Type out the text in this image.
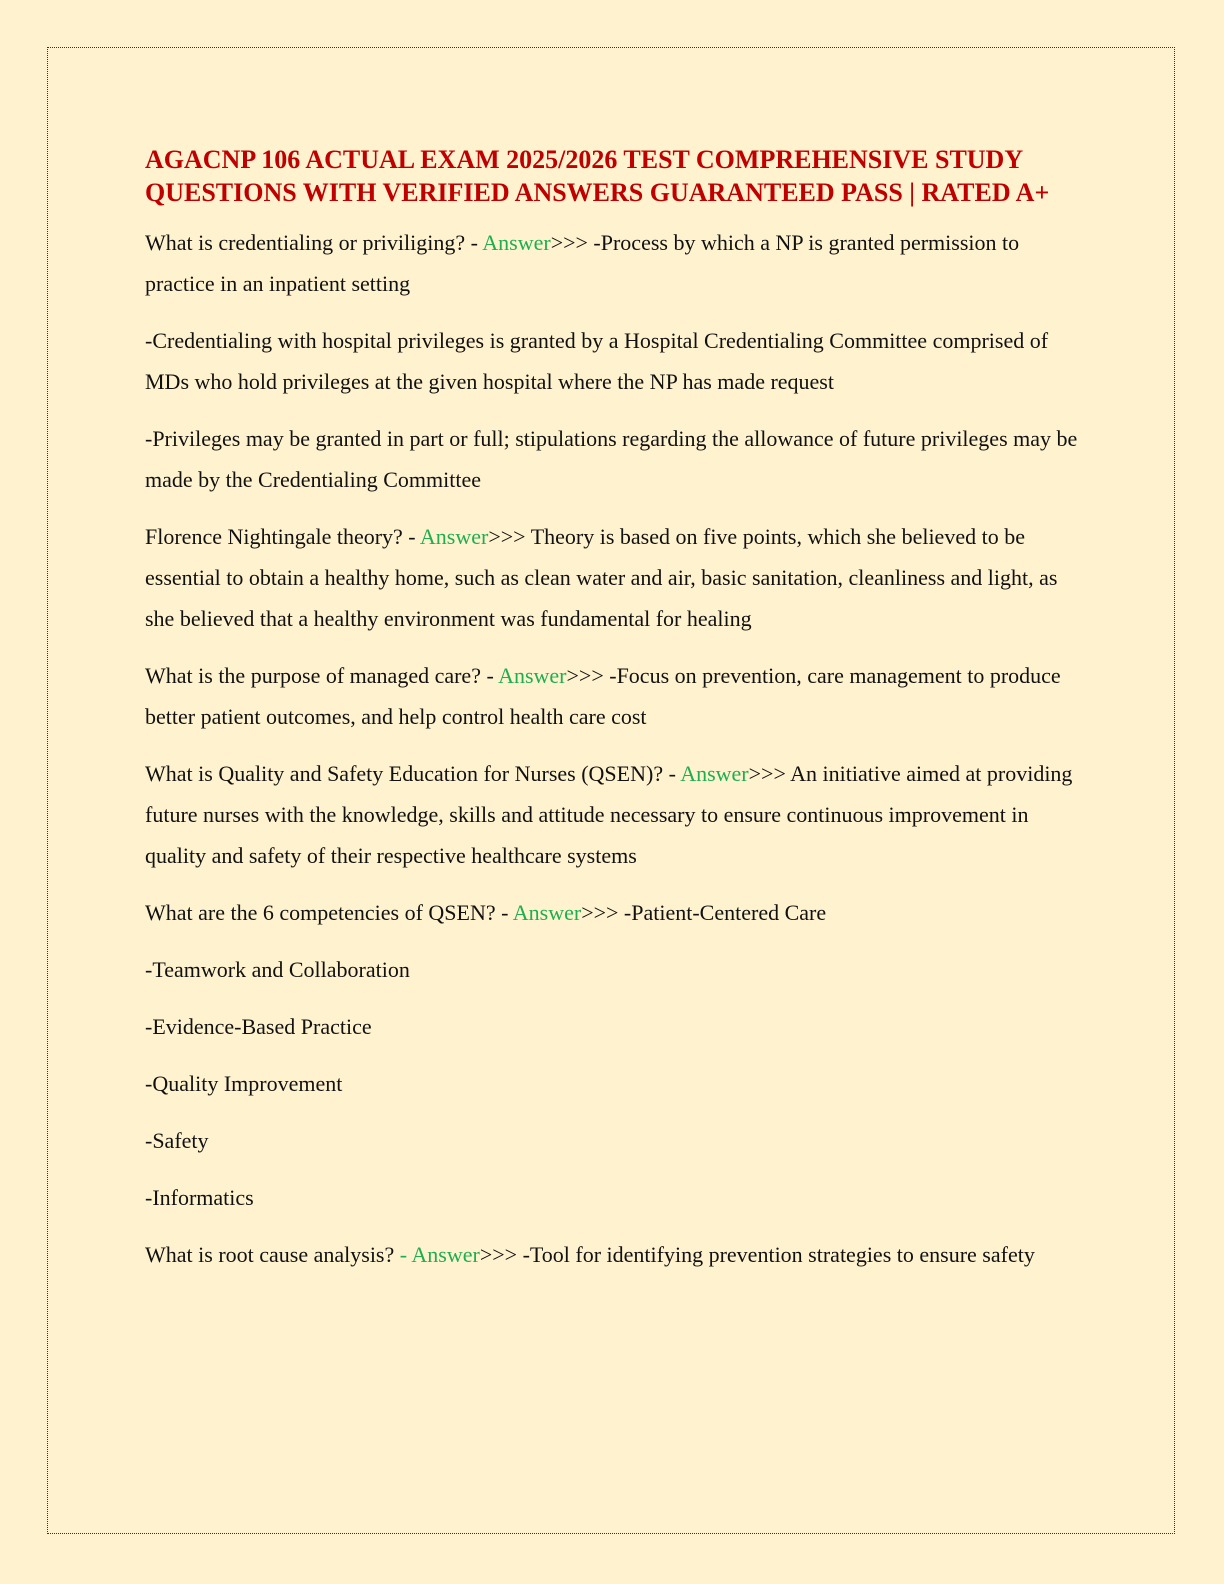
AGACNP 106 ACTUAL EXAM 2025/2026 TEST COMPREHENSIVE STUDY QUESTIONS WITH VERIFIED ANSWERS GUARANTEED PASS | RATED A+

What is credentialing or priviliging? - Answer>>> -Process by which a NP is granted permission to practice in an inpatient setting

-Credentialing with hospital privileges is granted by a Hospital Credentialing Committee comprised of MDs who hold privileges at the given hospital where the NP has made request

-Privileges may be granted in part or full; stipulations regarding the allowance of future privileges may be made by the Credentialing Committee

Florence Nightingale theory? - Answer>>> Theory is based on five points, which she believed to be essential to obtain a healthy home, such as clean water and air, basic sanitation, cleanliness and light, as she believed that a healthy environment was fundamental for healing

What is the purpose of managed care? - Answer>>> -Focus on prevention, care management to produce better patient outcomes, and help control health care cost

What is Quality and Safety Education for Nurses (QSEN)? - Answer>>> An initiative aimed at providing future nurses with the knowledge, skills and attitude necessary to ensure continuous improvement in quality and safety of their respective healthcare systems

What are the 6 competencies of QSEN? - Answer>>> -Patient-Centered Care

-Teamwork and Collaboration

-Evidence-Based Practice

-Quality Improvement

-Safety

-Informatics

What is root cause analysis? - Answer>>> -Tool for identifying prevention strategies to ensure safety
